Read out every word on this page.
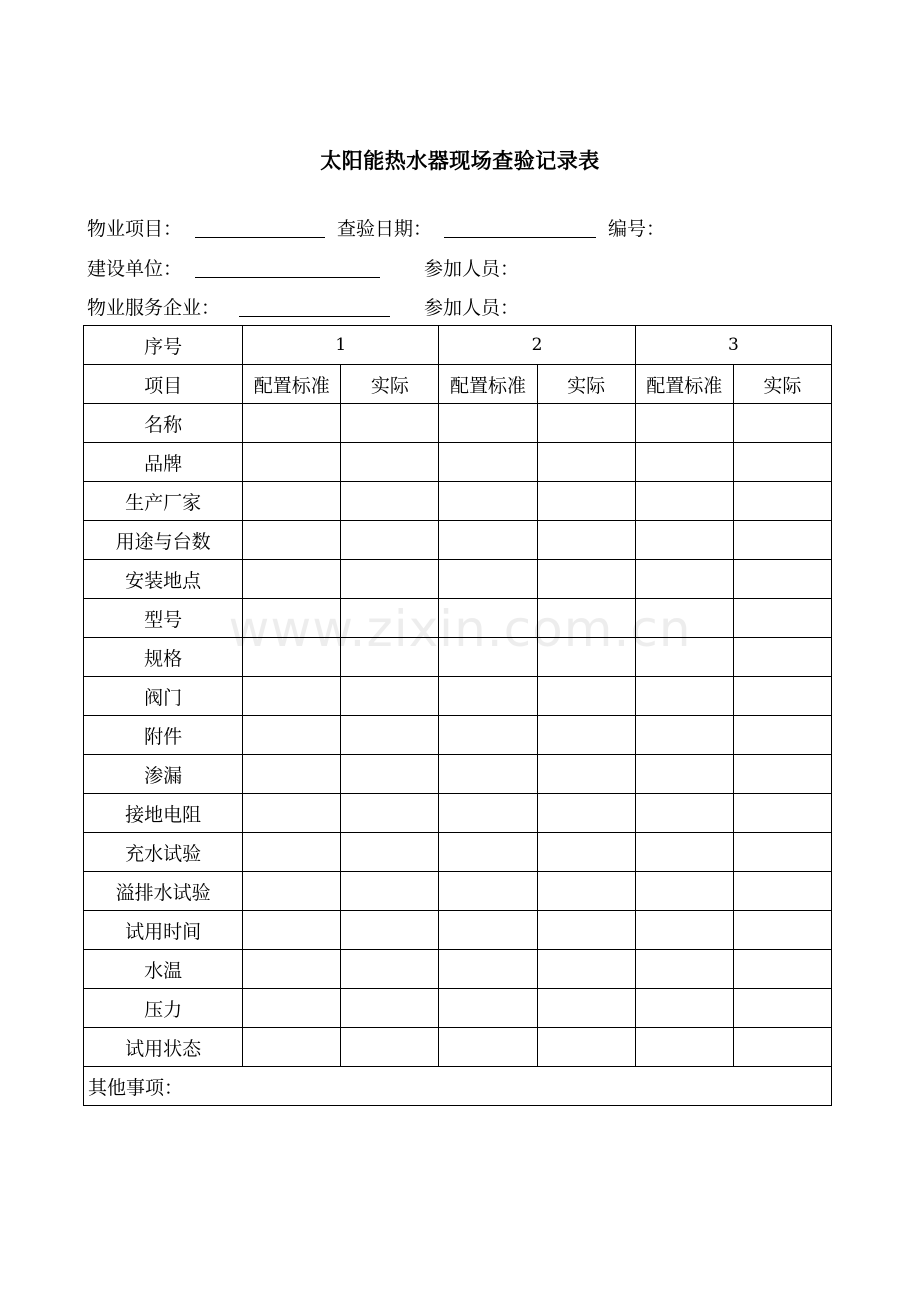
太阳能热水器现场查验记录表
物业项目：	查验日期：	编号：
建设单位：	参加人员：
物业服务企业：	参加人员：
序号	1		2		3	
项目	配置标准	实际	配置标准	实际	配置标准	实际
名称						
品牌						
生产厂家						
用途与台数						
安装地点						
型号						
规格						
阀门						
附件						
渗漏						
接地电阻						
充水试验						
溢排水试验						
试用时间						
水温						
压力						
试用状态						
其他事项：						
www.zixin.com.cn
